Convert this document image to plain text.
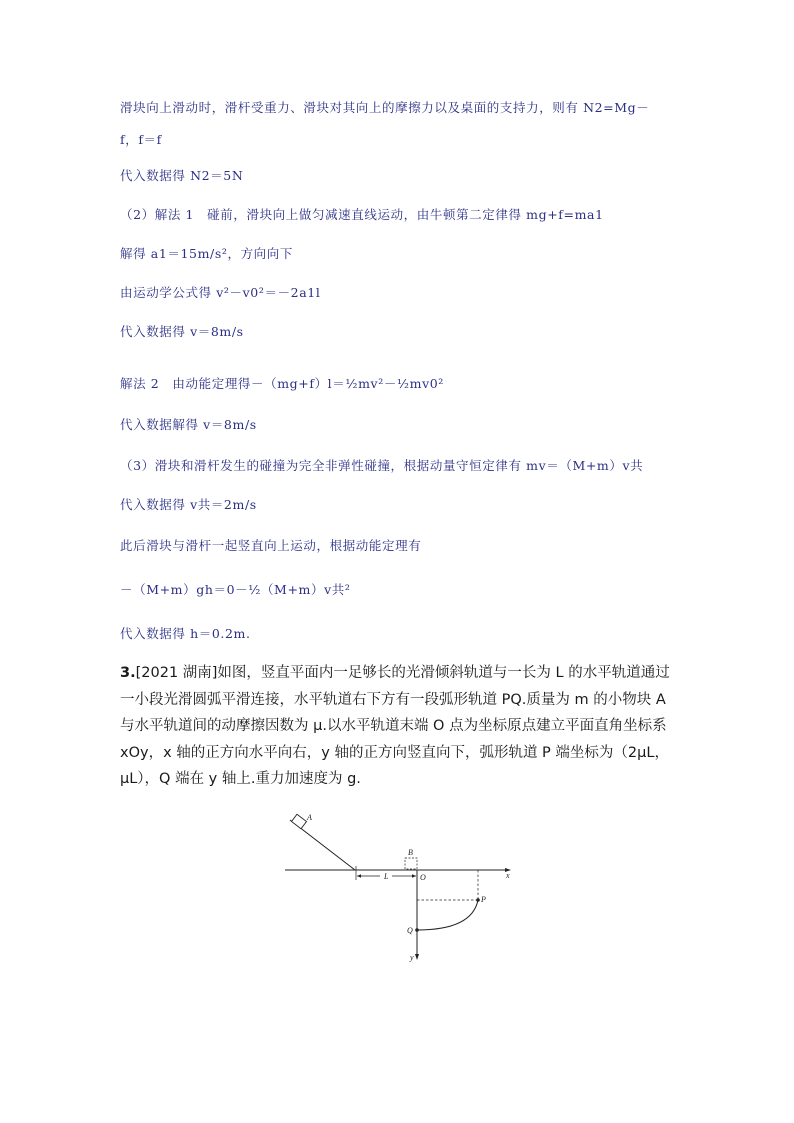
滑块向上滑动时，滑杆受重力、滑块对其向上的摩擦力以及桌面的支持力，则有 N2=Mg－
f，f＝f
代入数据得 N2＝5N
（2）解法 1　碰前，滑块向上做匀减速直线运动，由牛顿第二定律得 mg+f=ma1
解得 a1＝15m/s²，方向向下
由运动学公式得 v²－v0²＝－2a1l
代入数据得 v＝8m/s
解法 2　由动能定理得－（mg+f）l＝½mv²－½mv0²
代入数据解得 v＝8m/s
（3）滑块和滑杆发生的碰撞为完全非弹性碰撞，根据动量守恒定律有 mv＝（M+m）v共
代入数据得 v共＝2m/s
此后滑块与滑杆一起竖直向上运动，根据动能定理有
－（M+m）gh＝0－½（M+m）v共²
代入数据得 h＝0.2m.
3.[2021 湖南]如图，竖直平面内一足够长的光滑倾斜轨道与一长为 L 的水平轨道通过一小段光滑圆弧平滑连接，水平轨道右下方有一段弧形轨道 PQ.质量为 m 的小物块 A 与水平轨道间的动摩擦因数为 μ.以水平轨道末端 O 点为坐标原点建立平面直角坐标系 xOy，x 轴的正方向水平向右，y 轴的正方向竖直向下，弧形轨道 P 端坐标为（2μL，μL），Q 端在 y 轴上.重力加速度为 g.
A
L
B
O	x
y
P
Q
